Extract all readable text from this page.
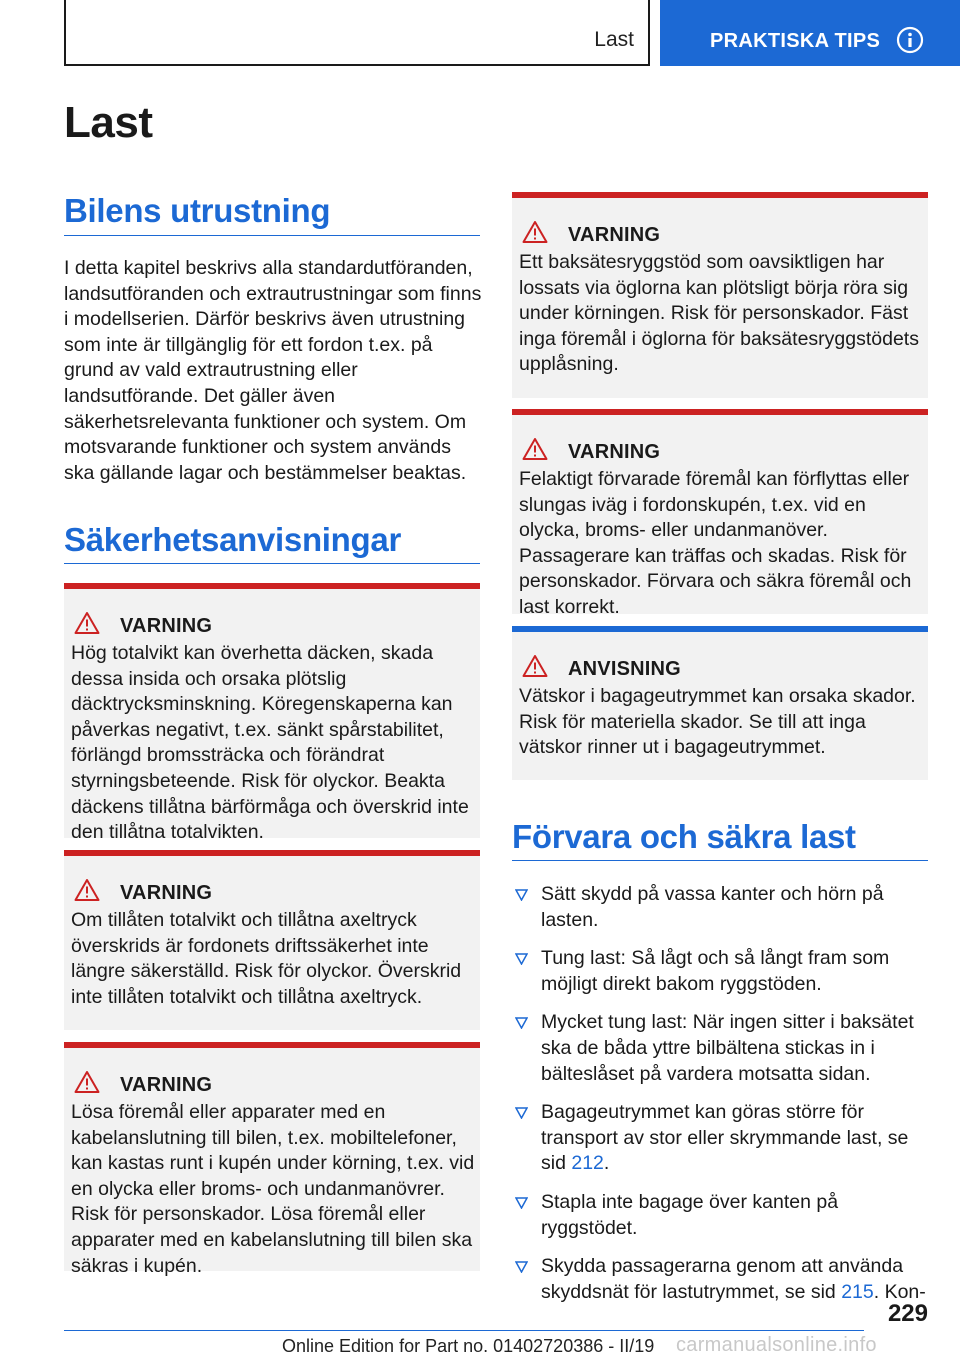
Last	PRAKTISKA TIPS
Last
Bilens utrustning
I detta kapitel beskrivs alla standardutföranden, landsutföranden och extrautrustningar som finns i modellserien. Därför beskrivs även utrustning som inte är tillgänglig för ett fordon t.ex. på grund av vald extrautrustning eller landsutförande. Det gäller även säkerhetsrelevanta funktioner och system. Om motsvarande funktioner och system används ska gällande lagar och bestämmelser beaktas.
Säkerhetsanvisningar
VARNING
Hög totalvikt kan överhetta däcken, skada dessa insida och orsaka plötslig däcktrycksminskning. Köregenskaperna kan påverkas negativt, t.ex. sänkt spårstabilitet, förlängd bromssträcka och förändrat styrningsbeteende. Risk för olyckor. Beakta däckens tillåtna bärförmåga och överskrid inte den tillåtna totalvikten.
VARNING
Om tillåten totalvikt och tillåtna axeltryck överskrids är fordonets driftssäkerhet inte längre säkerställd. Risk för olyckor. Överskrid inte tillåten totalvikt och tillåtna axeltryck.
VARNING
Lösa föremål eller apparater med en kabelanslutning till bilen, t.ex. mobiltelefoner, kan kastas runt i kupén under körning, t.ex. vid en olycka eller broms- och undanmanövrer. Risk för personskador. Lösa föremål eller apparater med en kabelanslutning till bilen ska säkras i kupén.
VARNING
Ett baksätesryggstöd som oavsiktligen har lossats via öglorna kan plötsligt börja röra sig under körningen. Risk för personskador. Fäst inga föremål i öglorna för baksätesryggstödets upplåsning.
VARNING
Felaktigt förvarade föremål kan förflyttas eller slungas iväg i fordonskupén, t.ex. vid en olycka, broms- eller undanmanöver. Passagerare kan träffas och skadas. Risk för personskador. Förvara och säkra föremål och last korrekt.
ANVISNING
Vätskor i bagageutrymmet kan orsaka skador. Risk för materiella skador. Se till att inga vätskor rinner ut i bagageutrymmet.
Förvara och säkra last
Sätt skydd på vassa kanter och hörn på lasten.
Tung last: Så lågt och så långt fram som möjligt direkt bakom ryggstöden.
Mycket tung last: När ingen sitter i baksätet ska de båda yttre bilbältena stickas in i bälteslåset på vardera motsatta sidan.
Bagageutrymmet kan göras större för transport av stor eller skrymmande last, se sid 212.
Stapla inte bagage över kanten på ryggstödet.
Skydda passagerarna genom att använda skyddsnät för lastutrymmet, se sid 215. Kon-
229
Online Edition for Part no. 01402720386 - II/19 carmanualsonline.info
